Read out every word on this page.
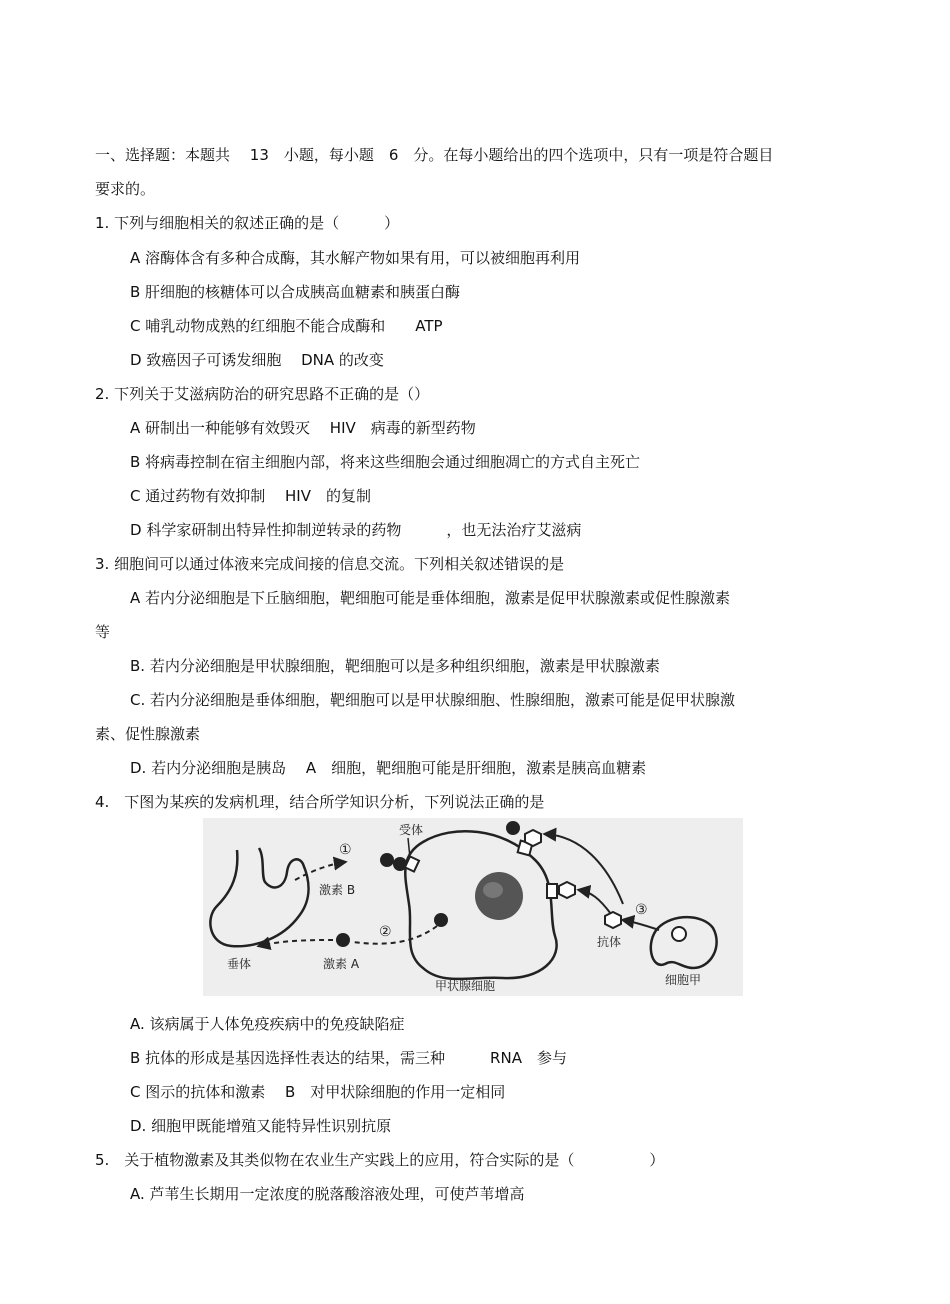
一、选择题：本题共　 13　小题，每小题　6　分。在每小题给出的四个选项中，只有一项是符合题目
要求的。
1. 下列与细胞相关的叙述正确的是（　　　）
A 溶酶体含有多种合成酶，其水解产物如果有用，可以被细胞再利用
B 肝细胞的核糖体可以合成胰高血糖素和胰蛋白酶
C 哺乳动物成熟的红细胞不能合成酶和　　ATP
D 致癌因子可诱发细胞　 DNA 的改变
2. 下列关于艾滋病防治的研究思路不正确的是（）
A 研制出一种能够有效毁灭　 HIV　病毒的新型药物
B 将病毒控制在宿主细胞内部，将来这些细胞会通过细胞凋亡的方式自主死亡
C 通过药物有效抑制　 HIV　的复制
D 科学家研制出特异性抑制逆转录的药物　　　，也无法治疗艾滋病
3. 细胞间可以通过体液来完成间接的信息交流。下列相关叙述错误的是
A 若内分泌细胞是下丘脑细胞，靶细胞可能是垂体细胞，激素是促甲状腺激素或促性腺激素
等
B. 若内分泌细胞是甲状腺细胞，靶细胞可以是多种组织细胞，激素是甲状腺激素
C. 若内分泌细胞是垂体细胞，靶细胞可以是甲状腺细胞、性腺细胞，激素可能是促甲状腺激
素、促性腺激素
D. 若内分泌细胞是胰岛　 A　细胞，靶细胞可能是肝细胞，激素是胰高血糖素
4.　下图为某疾的发病机理，结合所学知识分析，下列说法正确的是
受体
①
激素 B
垂体	激素 A
②
甲状腺细胞
抗体
③
细胞甲
A. 该病属于人体免疫疾病中的免疫缺陷症
B 抗体的形成是基因选择性表达的结果，需三种　　　RNA　参与
C 图示的抗体和激素　 B　对甲状除细胞的作用一定相同
D. 细胞甲既能增殖又能特异性识别抗原
5.　关于植物激素及其类似物在农业生产实践上的应用，符合实际的是（　　　　　）
A. 芦苇生长期用一定浓度的脱落酸溶液处理，可使芦苇增高
